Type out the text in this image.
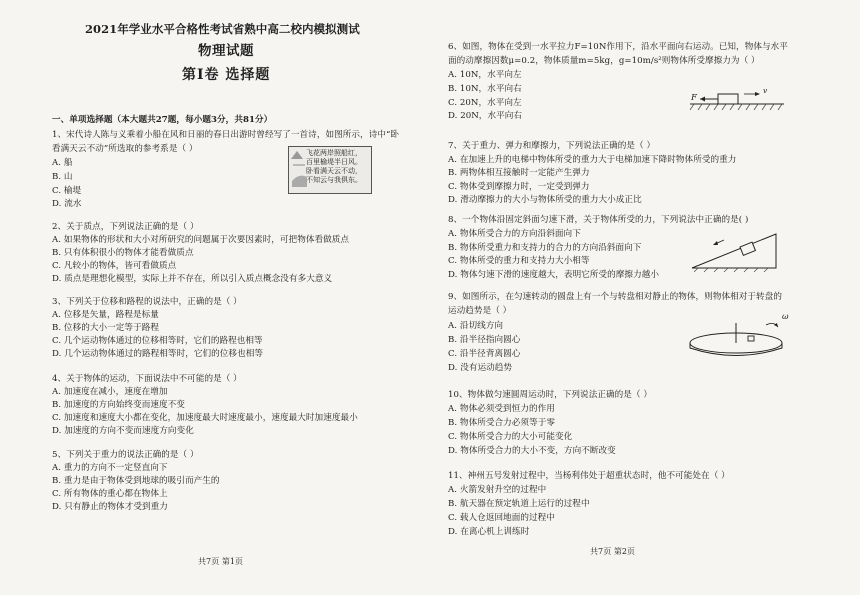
2021年学业水平合格性考试省熟中高二校内模拟测试
物理试题
第Ⅰ卷 选择题
一、单项选择题（本大题共27题，每小题3分，共81分）
1、宋代诗人陈与义乘着小船在风和日丽的春日出游时曾经写了一首诗，如图所示，诗中“卧
看满天云不动”所选取的参考系是（ ）
A. 船
B. 山
C. 榆堤
D. 流水
飞花两岸照船红，
百里榆堤半日风。
卧看满天云不动，
不知云与我俱东。
2、关于质点，下列说法正确的是（ ）
A. 如果物体的形状和大小对所研究的问题属于次要因素时，可把物体看做质点
B. 只有体积很小的物体才能看做质点
C. 凡较小的物体，皆可看做质点
D. 质点是理想化模型，实际上并不存在，所以引入质点概念没有多大意义
3、下列关于位移和路程的说法中，正确的是（ ）
A. 位移是矢量，路程是标量
B. 位移的大小一定等于路程
C. 几个运动物体通过的位移相等时，它们的路程也相等
D. 几个运动物体通过的路程相等时，它们的位移也相等
4、关于物体的运动，下面说法中不可能的是（ ）
A. 加速度在减小，速度在增加
B. 加速度的方向始终变而速度不变
C. 加速度和速度大小都在变化，加速度最大时速度最小，速度最大时加速度最小
D. 加速度的方向不变而速度方向变化
5、下列关于重力的说法正确的是（ ）
A. 重力的方向不一定竖直向下
B. 重力是由于物体受到地球的吸引而产生的
C. 所有物体的重心都在物体上
D. 只有静止的物体才受到重力
共7页 第1页
6、如图，物体在受到一水平拉力F=10N作用下，沿水平面向右运动。已知，物体与水平
面的动摩擦因数μ=0.2，物体质量m=5kg，g=10m/s²则物体所受摩擦力为（ ）
A. 10N，水平向左
B. 10N，水平向右
C. 20N，水平向左
D. 20N，水平向右
F
v
7、关于重力、弹力和摩擦力，下列说法正确的是（ ）
A. 在加速上升的电梯中物体所受的重力大于电梯加速下降时物体所受的重力
B. 两物体相互接触时一定能产生弹力
C. 物体受到摩擦力时，一定受到弹力
D. 滑动摩擦力的大小与物体所受的重力大小成正比
8、一个物体沿固定斜面匀速下滑，关于物体所受的力，下列说法中正确的是( )
A. 物体所受合力的方向沿斜面向下
B. 物体所受重力和支持力的合力的方向沿斜面向下
C. 物体所受的重力和支持力大小相等
D. 物体匀速下滑的速度越大，表明它所受的摩擦力越小
9、如图所示，在匀速转动的圆盘上有一个与转盘相对静止的物体，则物体相对于转盘的
运动趋势是（ ）
A. 沿切线方向
B. 沿半径指向圆心
C. 沿半径背离圆心
D. 没有运动趋势
ω
10、物体做匀速圆周运动时，下列说法正确的是（ ）
A. 物体必须受到恒力的作用
B. 物体所受合力必须等于零
C. 物体所受合力的大小可能变化
D. 物体所受合力的大小不变，方向不断改变
11、神州五号发射过程中，当杨利伟处于超重状态时，他不可能处在（ ）
A. 火箭发射升空的过程中
B. 航天器在预定轨道上运行的过程中
C. 载人仓返回地面的过程中
D. 在离心机上训练时
共7页 第2页
